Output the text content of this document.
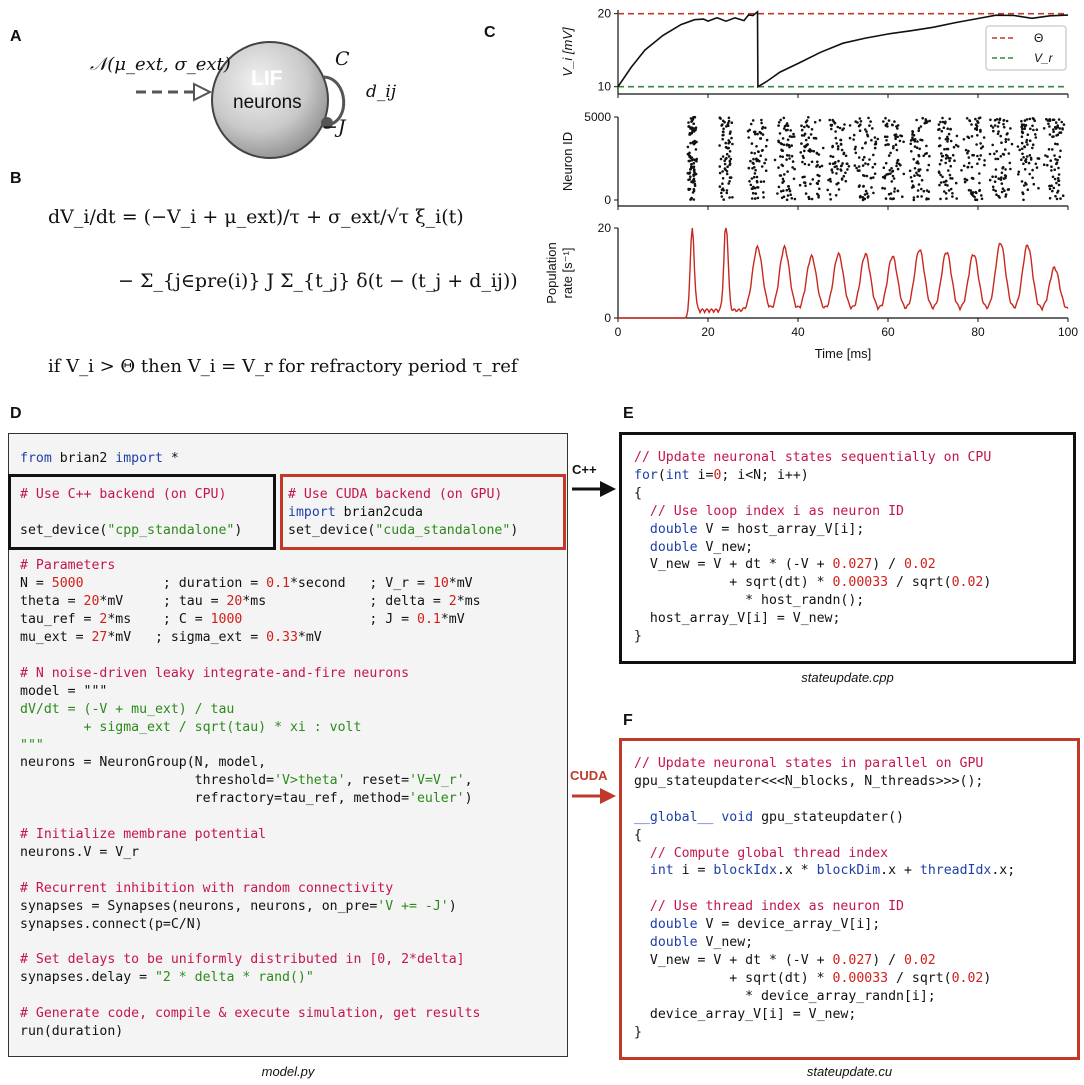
A
B
C
D	E
F
LIF
neurons
𝒩(μ_ext, σ_ext)	C
d_ij
−J
dV_i/dt = (−V_i + μ_ext)/τ + σ_ext/√τ ξ_i(t)
− Σ_{j∈pre(i)} J Σ_{t_j} δ(t − (t_j + d_ij))
if V_i > Θ then V_i = V_r for refractory period τ_ref
10
20
V_i [mV]	Θ
V_r
0
5000
Neuron ID
0
20
0	20	40	60	80	100
Population rate [s⁻¹]
Time [ms]
from brian2 import *

# Use C++ backend (on CPU)

set_device("cpp_standalone")

# Parameters
N = 5000          ; duration = 0.1*second   ; V_r = 10*mV
theta = 20*mV     ; tau = 20*ms             ; delta = 2*ms
tau_ref = 2*ms    ; C = 1000                ; J = 0.1*mV
mu_ext = 27*mV   ; sigma_ext = 0.33*mV

# N noise-driven leaky integrate-and-fire neurons
model = """
dV/dt = (-V + mu_ext) / tau
+ sigma_ext / sqrt(tau) * xi : volt
"""
neurons = NeuronGroup(N, model,
threshold='V>theta', reset='V=V_r',
refractory=tau_ref, method='euler')

# Initialize membrane potential
neurons.V = V_r

# Recurrent inhibition with random connectivity
synapses = Synapses(neurons, neurons, on_pre='V += -J')
synapses.connect(p=C/N)

# Set delays to be uniformly distributed in [0, 2*delta]
synapses.delay = "2 * delta * rand()"

# Generate code, compile & execute simulation, get results
run(duration)
# Use CUDA backend (on GPU)
import brian2cuda
set_device("cuda_standalone")
model.py
C++
CUDA
// Update neuronal states sequentially on CPU
for(int i=0; i<N; i++)
{
// Use loop index i as neuron ID
double V = host_array_V[i];
double V_new;
V_new = V + dt * (-V + 0.027) / 0.02
+ sqrt(dt) * 0.00033 / sqrt(0.02)
* host_randn();
host_array_V[i] = V_new;
}
stateupdate.cpp
// Update neuronal states in parallel on GPU
gpu_stateupdater<<<N_blocks, N_threads>>>();

__global__ void gpu_stateupdater()
{
// Compute global thread index
int i = blockIdx.x * blockDim.x + threadIdx.x;

// Use thread index as neuron ID
double V = device_array_V[i];
double V_new;
V_new = V + dt * (-V + 0.027) / 0.02
+ sqrt(dt) * 0.00033 / sqrt(0.02)
* device_array_randn[i];
device_array_V[i] = V_new;
}
stateupdate.cu
